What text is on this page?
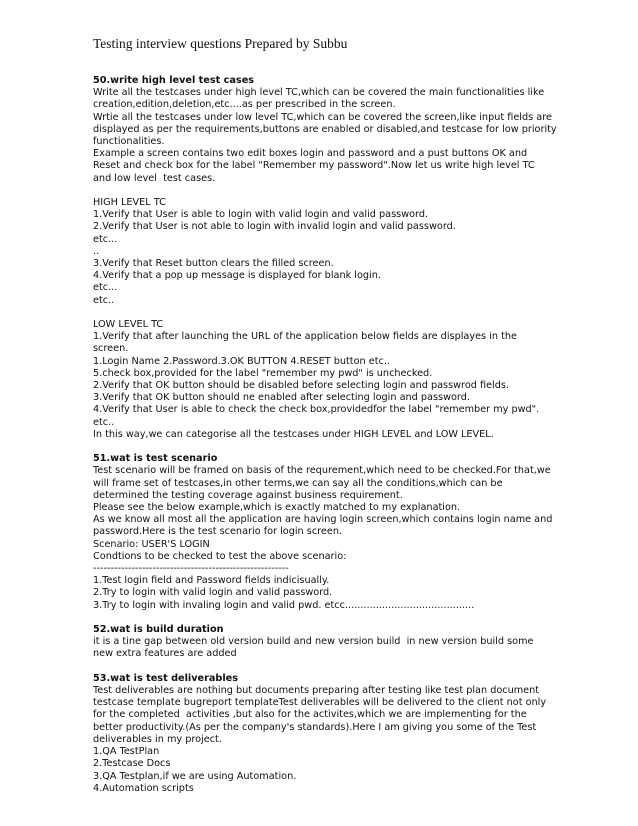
Testing interview questions Prepared by Subbu
50.write high level test cases
Write all the testcases under high level TC,which can be covered the main functionalities like
creation,edition,deletion,etc....as per prescribed in the screen.
Wrtie all the testcases under low level TC,which can be covered the screen,like input fields are
displayed as per the requirements,buttons are enabled or disabled,and testcase for low priority
functionalities.
Example a screen contains two edit boxes login and password and a pust buttons OK and
Reset and check box for the label "Remember my password".Now let us write high level TC
and low level  test cases.
HIGH LEVEL TC
1.Verify that User is able to login with valid login and valid password.
2.Verify that User is not able to login with invalid login and valid password.
etc...
..
3.Verify that Reset button clears the filled screen.
4.Verify that a pop up message is displayed for blank login.
etc...
etc..
LOW LEVEL TC
1.Verify that after launching the URL of the application below fields are displayes in the
screen.
1.Login Name 2.Password.3.OK BUTTON 4.RESET button etc..
5.check box,provided for the label "remember my pwd" is unchecked.
2.Verify that OK button should be disabled before selecting login and passwrod fields.
3.Verify that OK button should ne enabled after selecting login and password.
4.Verify that User is able to check the check box,providedfor the label "remember my pwd".
etc..
In this way,we can categorise all the testcases under HIGH LEVEL and LOW LEVEL.
51.wat is test scenario
Test scenario will be framed on basis of the requrement,which need to be checked.For that,we
will frame set of testcases,in other terms,we can say all the conditions,which can be
determined the testing coverage against business requirement.
Please see the below example,which is exactly matched to my explanation.
As we know all most all the application are having login screen,which contains login name and
password.Here is the test scenario for login screen.
Scenario: USER'S LOGIN
Condtions to be checked to test the above scenario:
--------------------------------------------------------
1.Test login field and Password fields indicisually.
2.Try to login with valid login and valid password.
3.Try to login with invaling login and valid pwd. etcc..........................................
52.wat is build duration
it is a tine gap between old version build and new version build  in new version build some
new extra features are added
53.wat is test deliverables
Test deliverables are nothing but documents preparing after testing like test plan document
testcase template bugreport templateTest deliverables will be delivered to the client not only
for the completed  activities ,but also for the activites,which we are implementing for the
better productivity.(As per the company's standards).Here I am giving you some of the Test
deliverables in my project.
1.QA TestPlan
2.Testcase Docs
3.QA Testplan,if we are using Automation.
4.Automation scripts
